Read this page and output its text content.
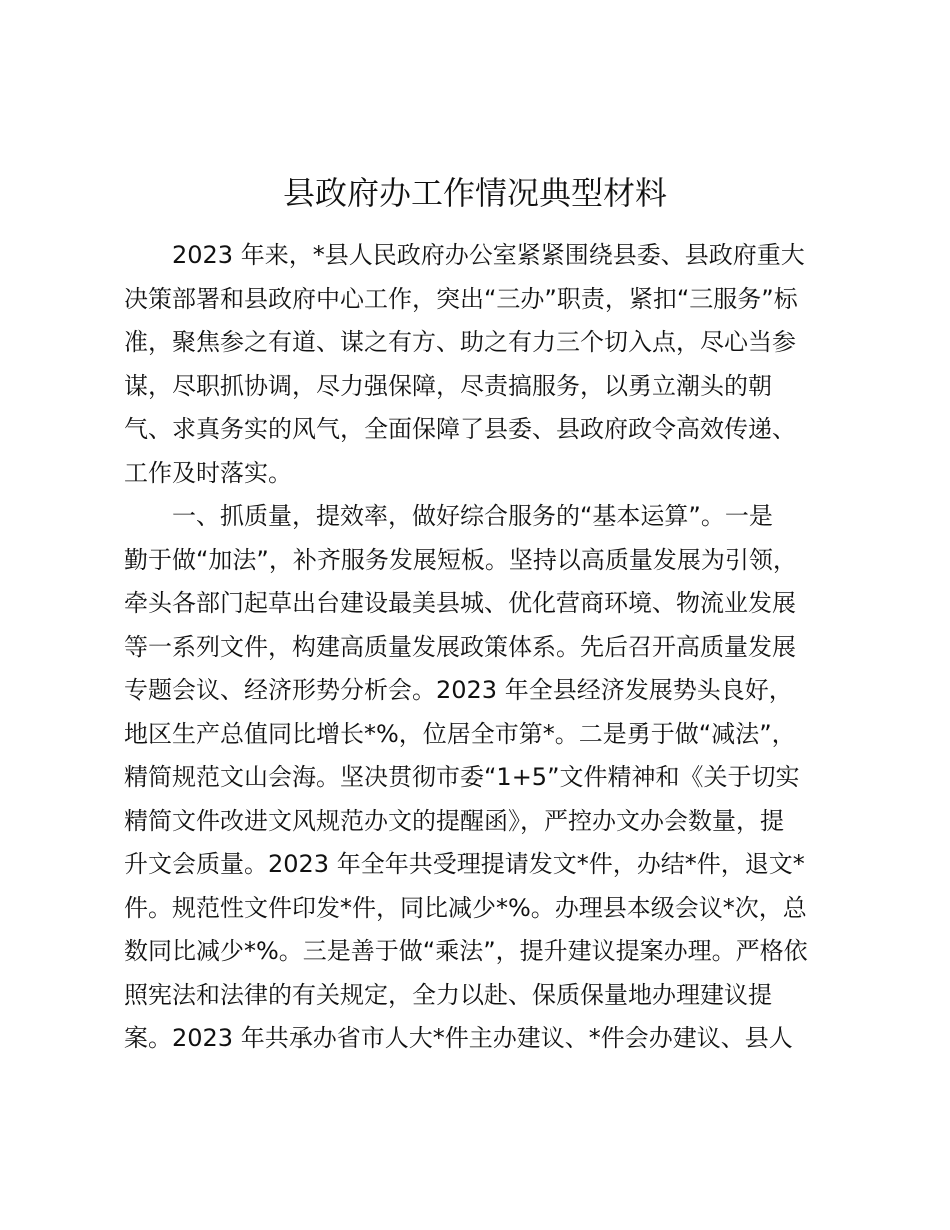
县政府办工作情况典型材料
2023 年来，*县人民政府办公室紧紧围绕县委、县政府重大
决策部署和县政府中心工作，突出“三办”职责，紧扣“三服务”标
准，聚焦参之有道、谋之有方、助之有力三个切入点，尽心当参
谋，尽职抓协调，尽力强保障，尽责搞服务，以勇立潮头的朝
气、求真务实的风气，全面保障了县委、县政府政令高效传递、
工作及时落实。
一、抓质量，提效率，做好综合服务的“基本运算”。一是
勤于做“加法”，补齐服务发展短板。坚持以高质量发展为引领，
牵头各部门起草出台建设最美县城、优化营商环境、物流业发展
等一系列文件，构建高质量发展政策体系。先后召开高质量发展
专题会议、经济形势分析会。2023 年全县经济发展势头良好，
地区生产总值同比增长*%，位居全市第*。二是勇于做“减法”，
精简规范文山会海。坚决贯彻市委“1+5”文件精神和《关于切实
精简文件改进文风规范办文的提醒函》，严控办文办会数量，提
升文会质量。2023 年全年共受理提请发文*件，办结*件，退文*
件。规范性文件印发*件，同比减少*%。办理县本级会议*次，总
数同比减少*%。三是善于做“乘法”，提升建议提案办理。严格依
照宪法和法律的有关规定，全力以赴、保质保量地办理建议提
案。2023 年共承办省市人大*件主办建议、*件会办建议、县人
